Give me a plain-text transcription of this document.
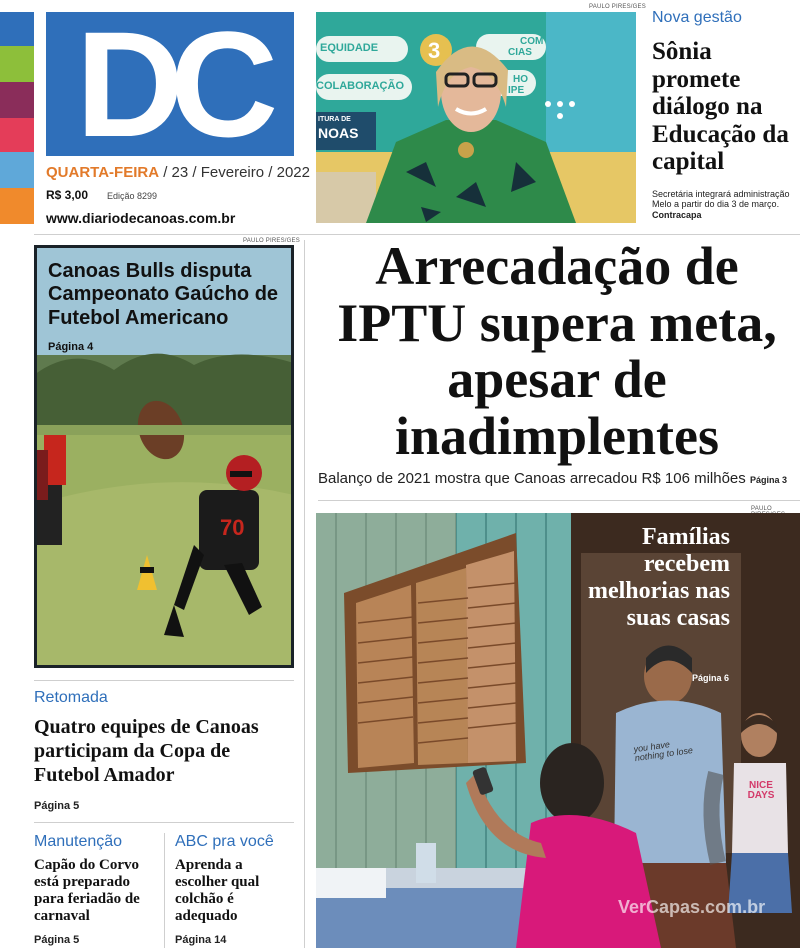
DC
QUARTA-FEIRA / 23 / Fevereiro / 2022
R$ 3,00 Edição 8299
www.diariodecanoas.com.br
PAULO PIRES/GES
EQUIDADE
COLABORAÇÃO
3	COM
CIAS
HO
IPE
ITURA DE
NOAS
Nova gestão
Sônia promete diálogo na Educação da capital
Secretária integrará administração Melo a partir do dia 3 de março. Contracapa
PAULO PIRES/GES
70
Canoas Bulls disputa Campeonato Gaúcho de Futebol Americano
Página 4
Arrecadação de IPTU supera meta, apesar de inadimplentes
Balanço de 2021 mostra que Canoas arrecadou R$ 106 milhões Página 3
PAULO
you have nothing to lose
NICE DAYS
Famílias recebem melhorias nas suas casas
Página 6
VerCapas.com.br
Retomada
Quatro equipes de Canoas participam da Copa de Futebol Amador
Página 5
Manutenção
Capão do Corvo está preparado para feriadão de carnaval
Página 5
ABC pra você
Aprenda a escolher qual colchão é adequado
Página 14
